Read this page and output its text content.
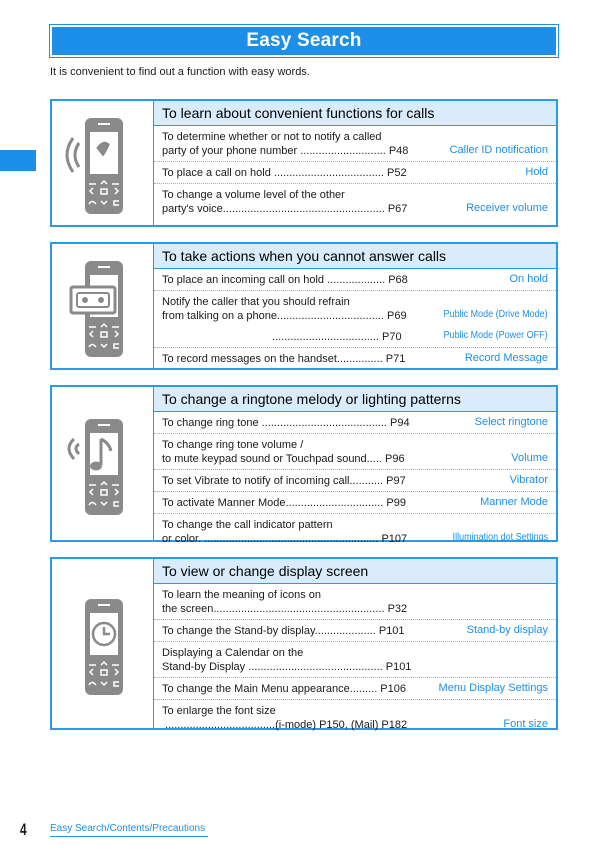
Easy Search
It is convenient to find out a function with easy words.
To learn about convenient functions for calls
To determine whether or not to notify a called
party of your phone number ............................ P48	Caller ID notification
To place a call on hold .................................... P52	Hold
To change a volume level of the other
party's voice..................................................... P67	Receiver volume
To take actions when you cannot answer calls
To place an incoming call on hold ................... P68	On hold
Notify the caller that you should refrain
from talking on a phone................................... P69	Public Mode (Drive Mode)
................................... P70	Public Mode (Power OFF)
To record messages on the handset............... P71	Record Message
To change a ringtone melody or lighting patterns
To change ring tone ......................................... P94	Select ringtone
To change ring tone volume /
to mute keypad sound or Touchpad sound..... P96	Volume
To set Vibrate to notify of incoming call........... P97	Vibrator
To activate Manner Mode................................ P99	Manner Mode
To change the call indicator pattern
or color. ......................................................... P107	Illumination dot Settings
To view or change display screen
To learn the meaning of icons on
the screen........................................................ P32
To change the Stand-by display.................... P101	Stand-by display
Displaying a Calendar on the
Stand-by Display ............................................ P101
To change the Main Menu appearance......... P106	Menu Display Settings
To enlarge the font size
....................................(i-mode) P150, (Mail) P182	Font size
4 Easy Search/Contents/Precautions
